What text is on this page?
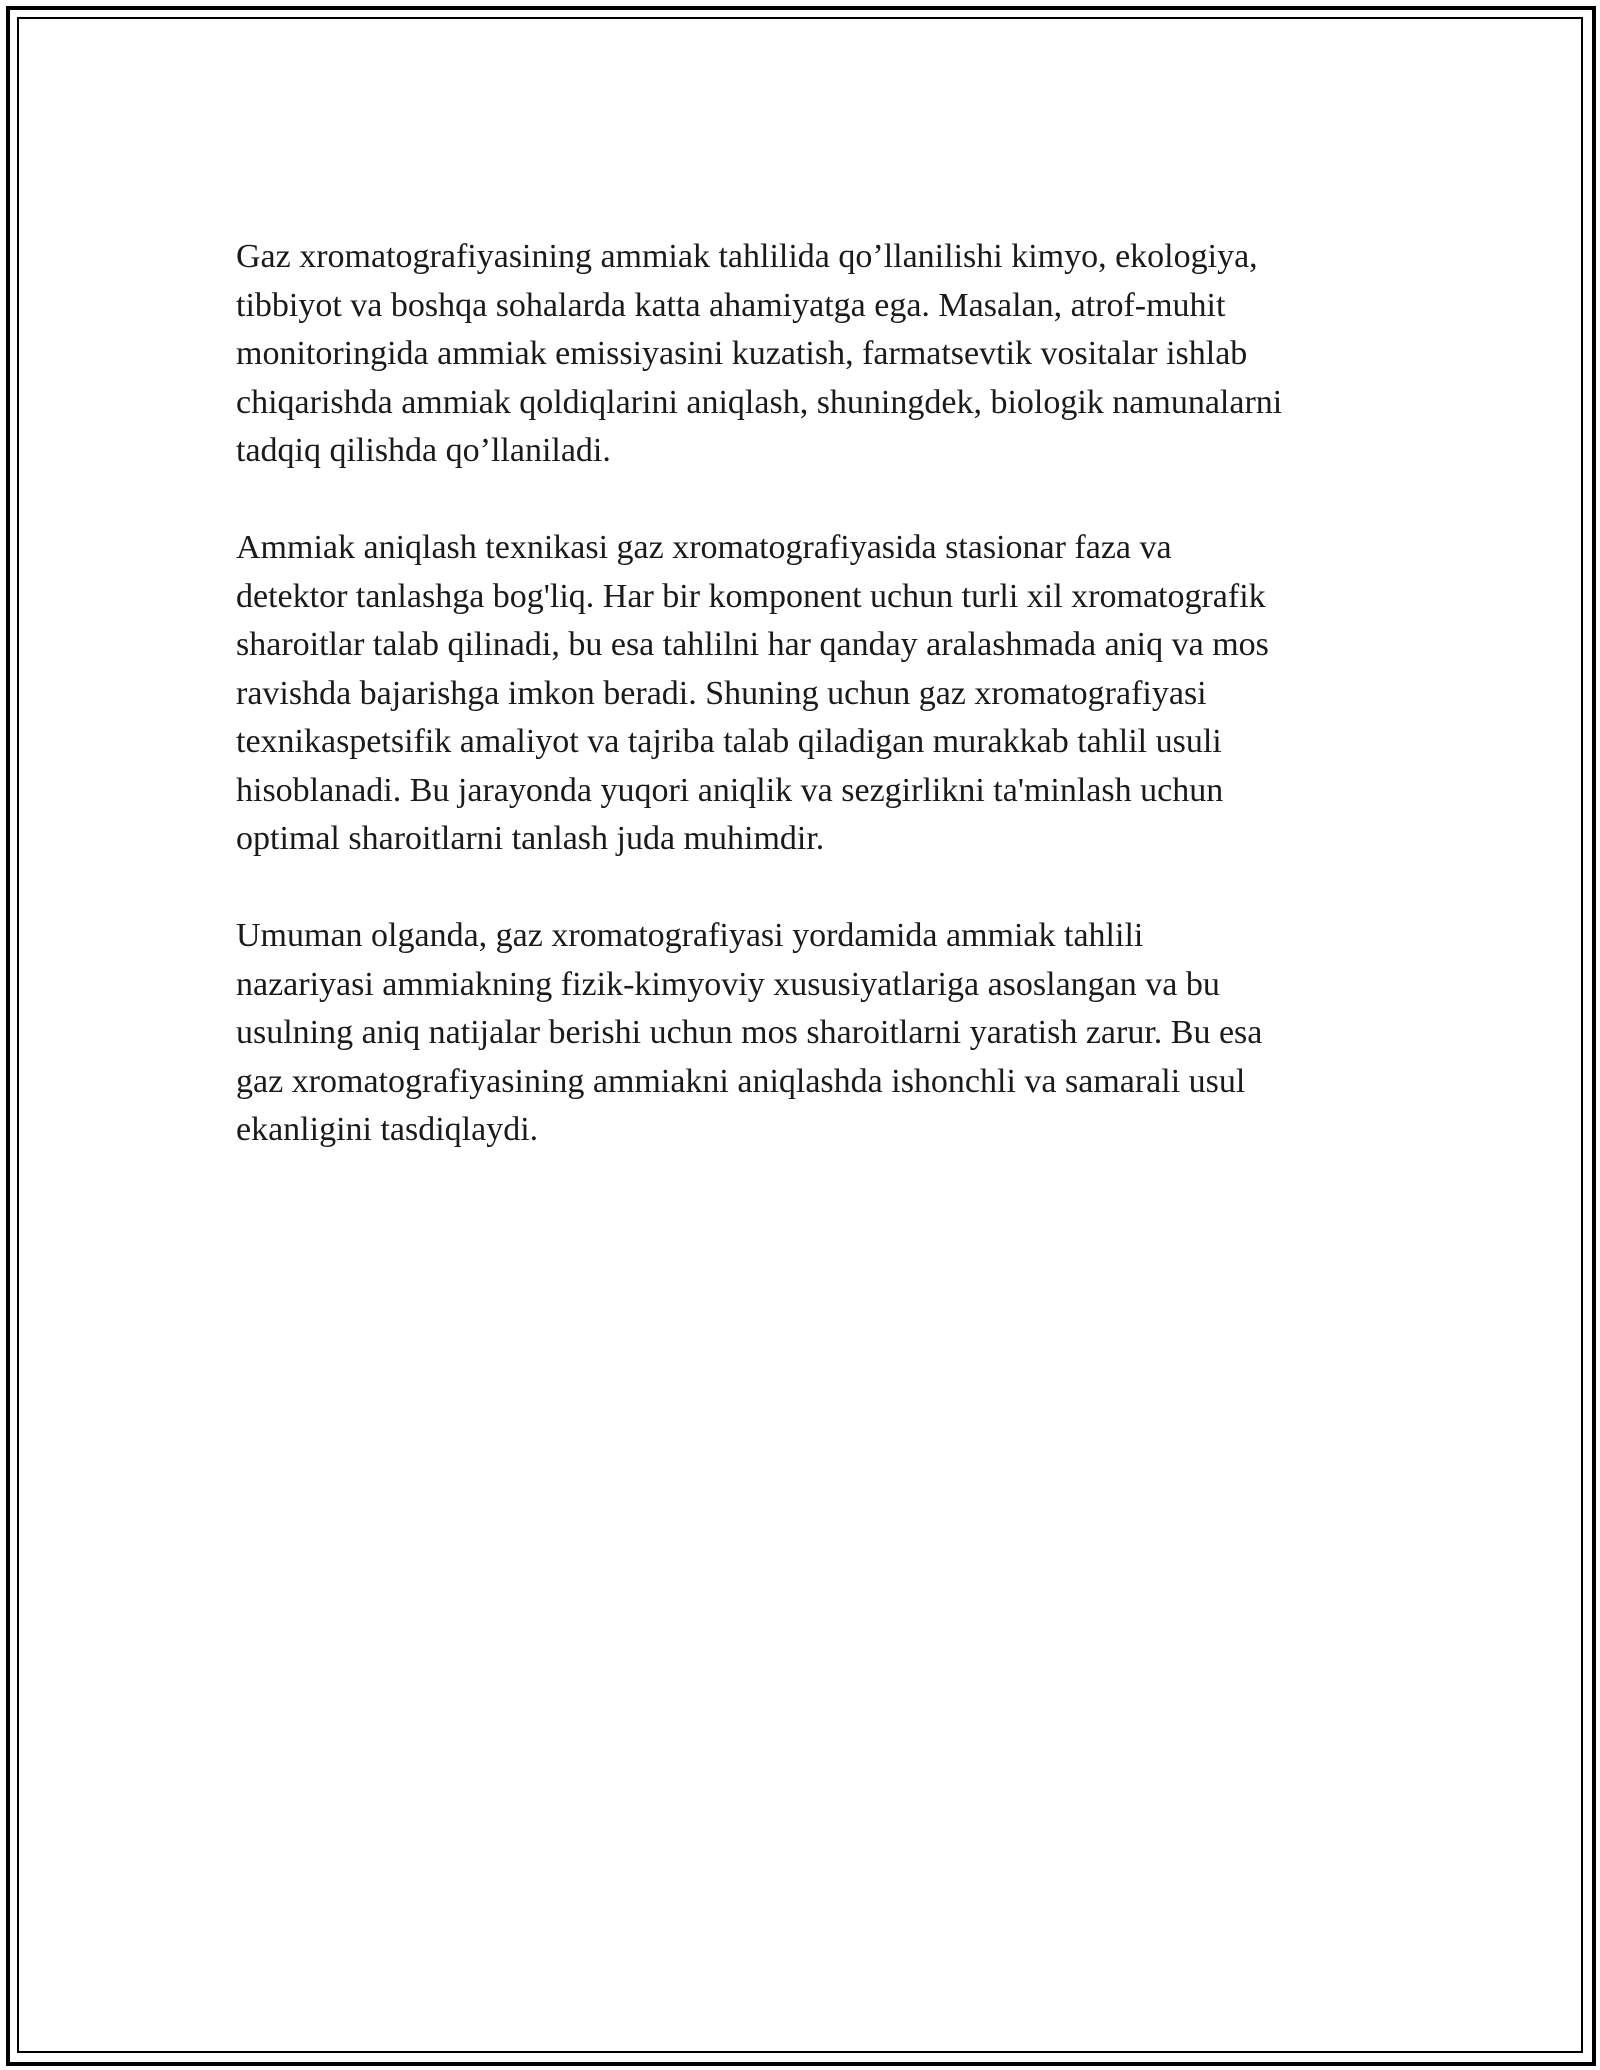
Gaz xromatografiyasining ammiak tahlilida qo’llanilishi kimyo, ekologiya,
tibbiyot va boshqa sohalarda katta ahamiyatga ega. Masalan, atrof-muhit
monitoringida ammiak emissiyasini kuzatish, farmatsevtik vositalar ishlab
chiqarishda ammiak qoldiqlarini aniqlash, shuningdek, biologik namunalarni
tadqiq qilishda qo’llaniladi.

Ammiak aniqlash texnikasi gaz xromatografiyasida stasionar faza va
detektor tanlashga bog'liq. Har bir komponent uchun turli xil xromatografik
sharoitlar talab qilinadi, bu esa tahlilni har qanday aralashmada aniq va mos
ravishda bajarishga imkon beradi. Shuning uchun gaz xromatografiyasi
texnikaspetsifik amaliyot va tajriba talab qiladigan murakkab tahlil usuli
hisoblanadi. Bu jarayonda yuqori aniqlik va sezgirlikni ta'minlash uchun
optimal sharoitlarni tanlash juda muhimdir.

Umuman olganda, gaz xromatografiyasi yordamida ammiak tahlili
nazariyasi ammiakning fizik-kimyoviy xususiyatlariga asoslangan va bu
usulning aniq natijalar berishi uchun mos sharoitlarni yaratish zarur. Bu esa
gaz xromatografiyasining ammiakni aniqlashda ishonchli va samarali usul
ekanligini tasdiqlaydi.
